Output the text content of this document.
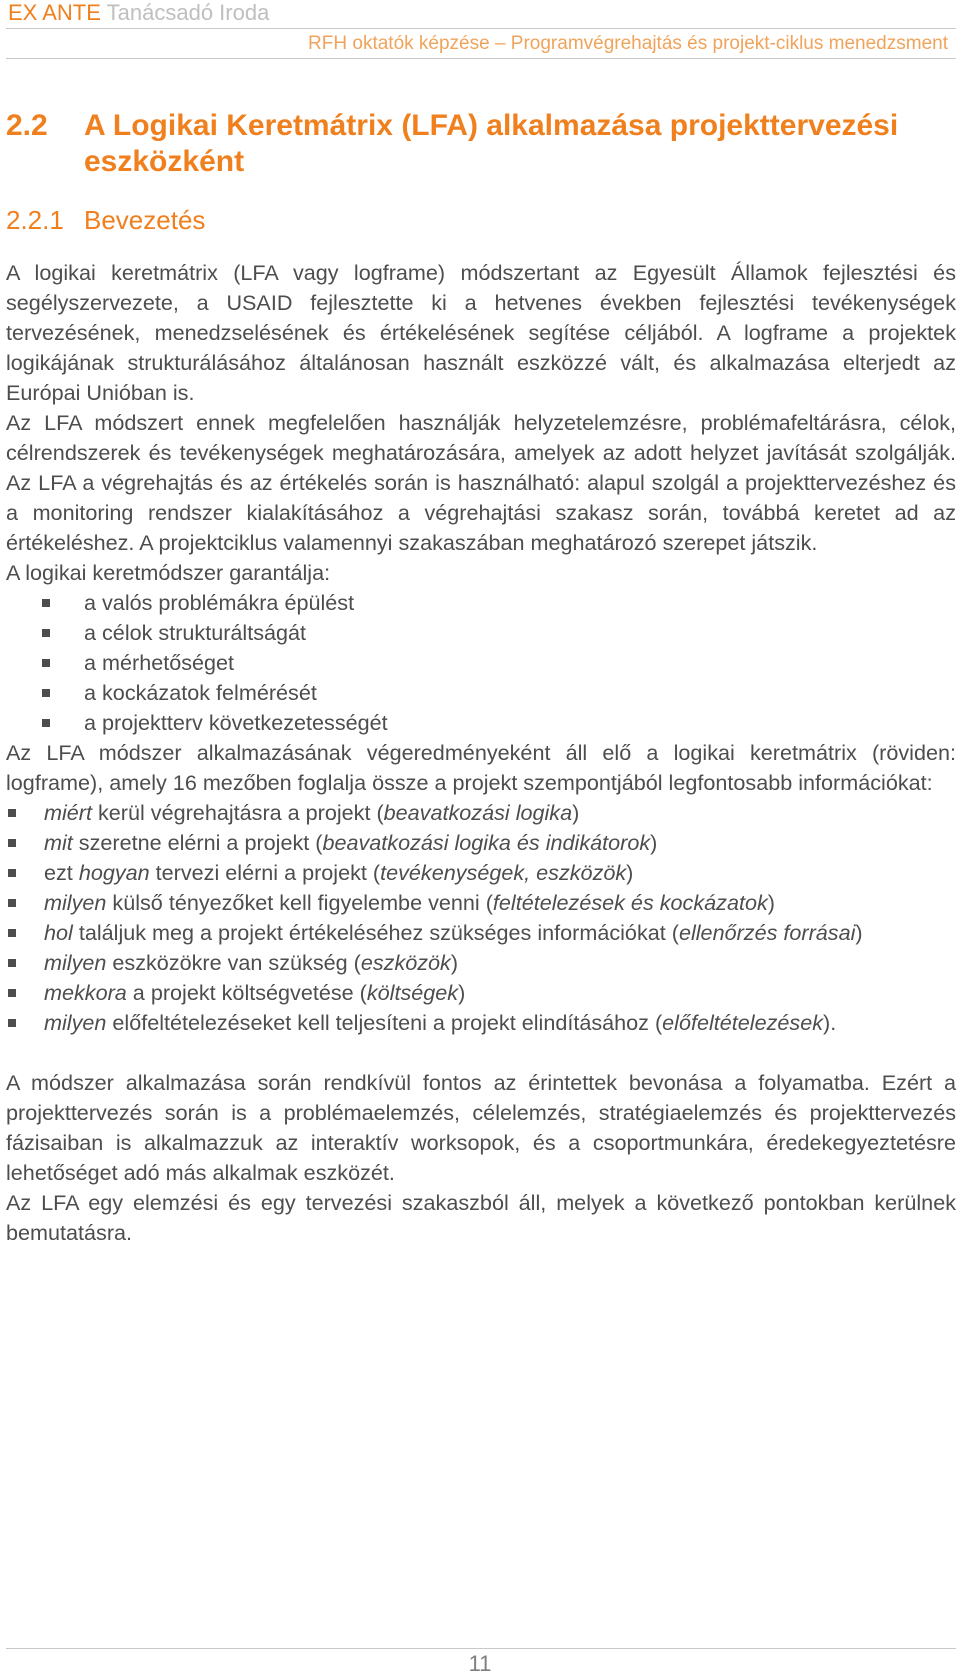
EX ANTE Tanácsadó Iroda
RFH oktatók képzése – Programvégrehajtás és projekt-ciklus menedzsment
2.2	A Logikai Keretmátrix (LFA) alkalmazása projekttervezési eszközként
2.2.1 Bevezetés

A logikai keretmátrix (LFA vagy logframe) módszertant az Egyesült Államok fejlesztési és segélyszervezete, a USAID fejlesztette ki a hetvenes években fejlesztési tevékenységek tervezésének, menedzselésének és értékelésének segítése céljából. A logframe a projektek logikájának strukturálásához általánosan használt eszközzé vált, és alkalmazása elterjedt az Európai Unióban is.

Az LFA módszert ennek megfelelően használják helyzetelemzésre, problémafeltárásra, célok, célrendszerek és tevékenységek meghatározására, amelyek az adott helyzet javítását szolgálják. Az LFA a végrehajtás és az értékelés során is használható: alapul szolgál a projekttervezéshez és a monitoring rendszer kialakításához a végrehajtási szakasz során, továbbá keretet ad az értékeléshez. A projektciklus valamennyi szakaszában meghatározó szerepet játszik.

A logikai keretmódszer garantálja:

a valós problémákra épülést
a célok strukturáltságát
a mérhetőséget
a kockázatok felmérését
a projektterv következetességét

Az LFA módszer alkalmazásának végeredményeként áll elő a logikai keretmátrix (röviden: logframe), amely 16 mezőben foglalja össze a projekt szempontjából legfontosabb információkat:

miért kerül végrehajtásra a projekt (beavatkozási logika)
mit szeretne elérni a projekt (beavatkozási logika és indikátorok)
ezt hogyan tervezi elérni a projekt (tevékenységek, eszközök)
milyen külső tényezőket kell figyelembe venni (feltételezések és kockázatok)
hol találjuk meg a projekt értékeléséhez szükséges információkat (ellenőrzés forrásai)
milyen eszközökre van szükség (eszközök)
mekkora a projekt költségvetése (költségek)
milyen előfeltételezéseket kell teljesíteni a projekt elindításához (előfeltételezések).

A módszer alkalmazása során rendkívül fontos az érintettek bevonása a folyamatba. Ezért a projekttervezés során is a problémaelemzés, célelemzés, stratégiaelemzés és projekttervezés fázisaiban is alkalmazzuk az interaktív worksopok, és a csoportmunkára, éredekegyeztetésre lehetőséget adó más alkalmak eszközét.

Az LFA egy elemzési és egy tervezési szakaszból áll, melyek a következő pontokban kerülnek bemutatásra.

11
